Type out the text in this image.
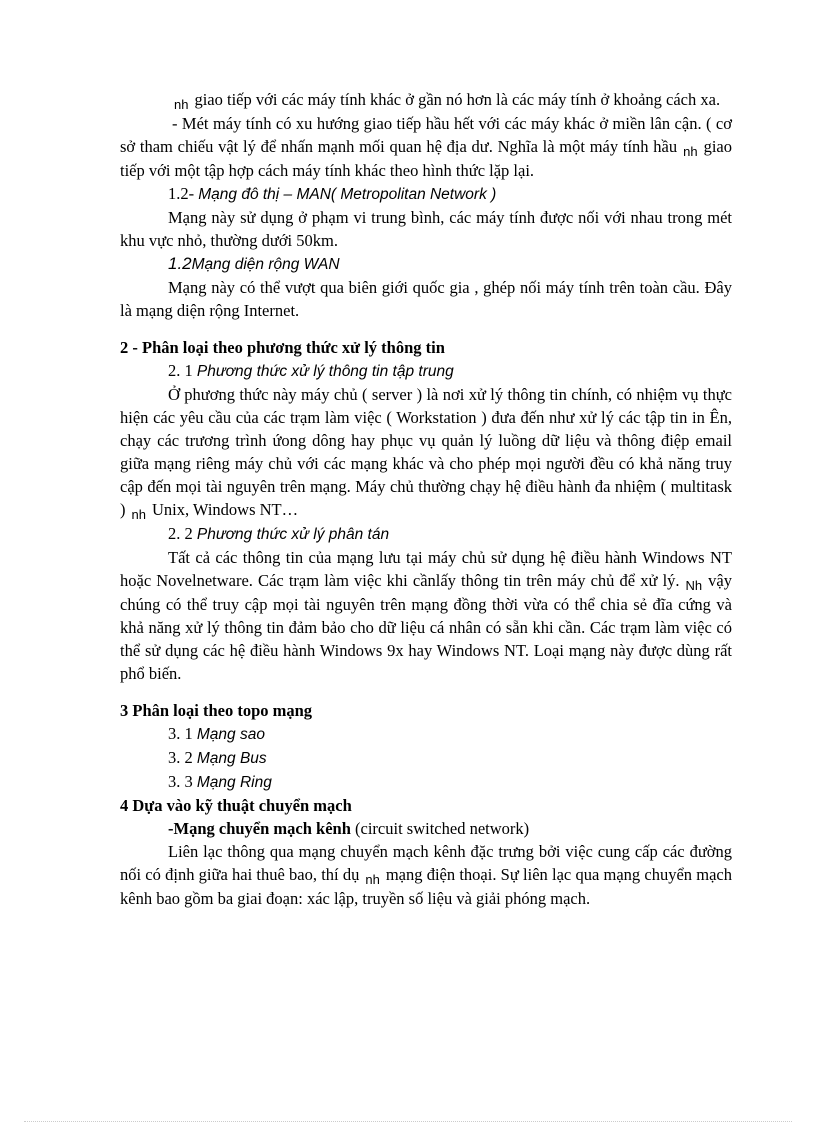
$_{nh}$ giao tiếp với các máy tính khác ở gần nó hơn là các máy tính ở khoảng cách xa.

- Mét máy tính có xu hướng giao tiếp hầu hết với các máy khác ở miền lân cận. ( cơ sở tham chiếu vật lý để nhấn mạnh mối quan hệ địa dư. Nghĩa là một máy tính hầu $_{nh}$ giao tiếp với một tập hợp cách máy tính khác theo hình thức lặp lại.

1.2- Mạng đô thị – MAN( Metropolitan Network )

Mạng này sử dụng ở phạm vi trung bình, các máy tính được nối với nhau trong mét khu vực nhỏ, thường dưới 50km.

1.2Mạng diện rộng WAN

Mạng này có thể vượt qua biên giới quốc gia , ghép nối máy tính trên toàn cầu. Đây là mạng diện rộng Internet.

2 - Phân loại theo phương thức xử lý thông tin

2. 1 Phương thức xử lý thông tin tập trung

Ở phương thức này máy chủ ( server ) là nơi xử lý thông tin chính, có nhiệm vụ thực hiện các yêu cầu của các trạm làm việc ( Workstation ) đưa đến như xử lý các tập tin in Ên, chạy các trương trình ứong dông hay phục vụ quản lý luồng dữ liệu và thông điệp email giữa mạng riêng máy chủ với các mạng khác và cho phép mọi người đều có khả năng truy cập đến mọi tài nguyên trên mạng. Máy chủ thường chạy hệ điều hành đa nhiệm ( multitask ) $_{nh}$ Unix, Windows NT…

2. 2 Phương thức xử lý phân tán

Tất cả các thông tin của mạng lưu tại máy chủ sử dụng hệ điều hành Windows NT hoặc Novelnetware. Các trạm làm việc khi cầnlấy thông tin trên máy chủ để xử lý. $_{Nh}$ vậy chúng có thể truy cập mọi tài nguyên trên mạng đồng thời vừa có thể chia sẻ đĩa cứng và khả năng xử lý thông tin đảm bảo cho dữ liệu cá nhân có sẵn khi cần. Các trạm làm việc có thể sử dụng các hệ điều hành Windows 9x hay Windows NT. Loại mạng này được dùng rất phổ biến.

3 Phân loại theo topo mạng

3. 1 Mạng sao

3. 2 Mạng Bus

3. 3 Mạng Ring

4 Dựa vào kỹ thuật chuyển mạch

-Mạng chuyển mạch kênh (circuit switched network)

Liên lạc thông qua mạng chuyển mạch kênh đặc trưng bởi việc cung cấp các đường nối có định giữa hai thuê bao, thí dụ $_{nh}$ mạng điện thoại. Sự liên lạc qua mạng chuyển mạch kênh bao gồm ba giai đoạn: xác lập, truyền số liệu và giải phóng mạch.
